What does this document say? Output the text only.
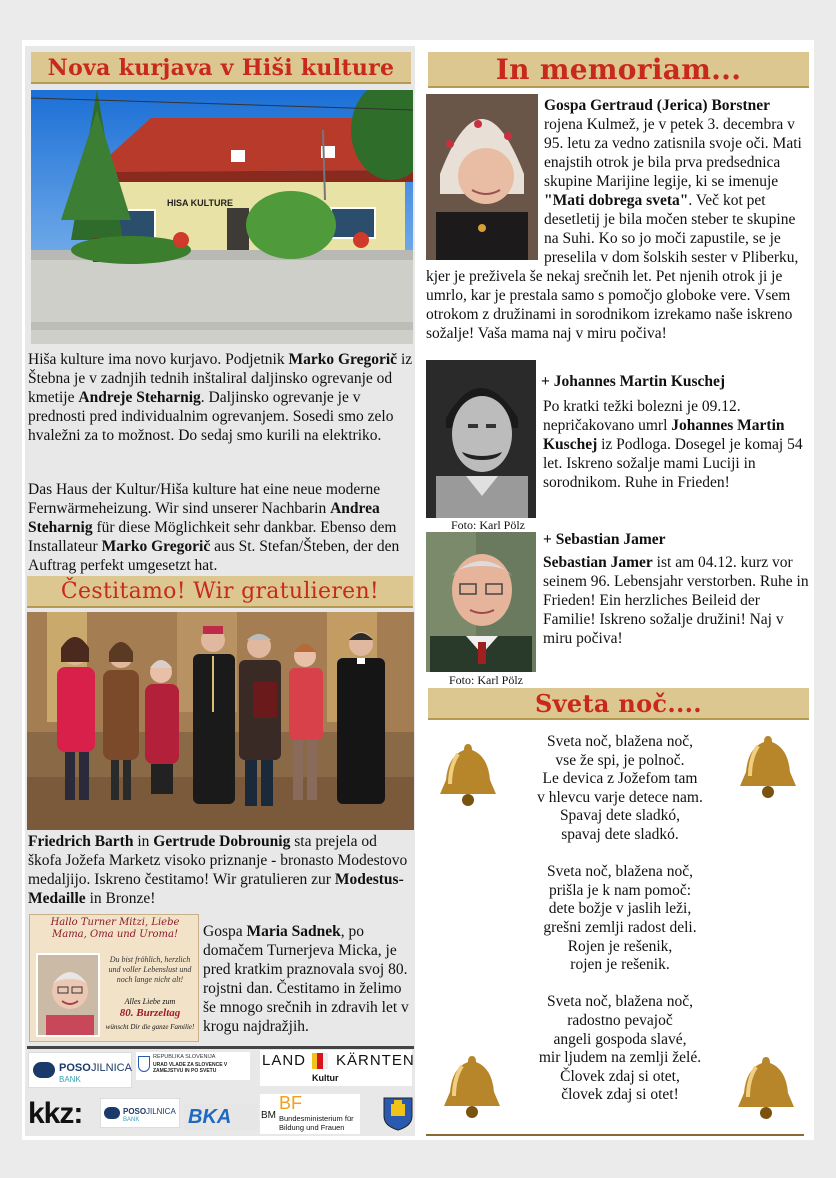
Nova kurjava v Hiši kulture
HISA KULTURE
Hiša kulture ima novo kurjavo. Podjetnik Marko Gregorič iz Štebna je v zadnjih tednih inštaliral daljinsko ogrevanje od kmetije Andreje Steharnig. Daljinsko ogrevanje je v prednosti pred individualnim ogrevanjem. Sosedi smo zelo hvaležni za to možnost. Do sedaj smo kurili na elektriko.
Das Haus der Kultur/Hiša kulture hat eine neue moderne Fernwärmeheizung. Wir sind unserer Nachbarin Andrea Steharnig für diese Möglichkeit sehr dankbar. Ebenso dem Installateur Marko Gregorič aus St. Stefan/Šteben, der den Auftrag perfekt umgesetzt hat.
Čestitamo! Wir gratulieren!
Friedrich Barth in Gertrude Dobrounig sta prejela od škofa Jožefa Marketz visoko priznanje - bronasto Modestovo medaljijo. Iskreno čestitamo! Wir gratulieren zur Modestus-Medaille in Bronze!
Hallo Turner Mitzi, Liebe Mama, Oma und Uroma!
Du bist fröhlich, herzlich und voller Lebenslust und noch lange nicht alt!
Alles Liebe zum
80. Burzeltag
wünscht Dir die ganze Familie!
Gospa Maria Sadnek, po domačem Turnerjeva Micka, je pred kratkim praznovala svoj 80. rojstni dan. Čestitamo in želimo še mnogo srečnih in zdravih let v krogu najdražjih.
POSO JILNICA
BANK
REPUBLIKA SLOVENIJA
URAD VLADE ZA SLOVENCE V ZAMEJSTVU IN PO SVETU
LAND KÄRNTEN
Kultur
kkz:	POSO JILNICA
BANK BKA	BM
BF
Bundesministerium für
Bildung und Frauen
In memoriam...
Gospa Gertraud (Jerica) Borstner rojena Kulmež, je v petek 3. decembra v 95. letu za vedno zatisnila svoje oči. Mati enajstih otrok je bila prva predsednica skupine Marijine legije, ki se imenuje "Mati dobrega sveta". Več kot pet desetletij je bila močen steber te skupine na Suhi. Ko so jo moči zapustile, se je preselila v dom šolskih sester v Pliberku, kjer je preživela še nekaj srečnih let. Pet njenih otrok ji je umrlo, kar je prestala samo s pomočjo globoke vere. Vsem otrokom z družinami in sorodnikom izrekamo naše iskreno sožalje! Vaša mama naj v miru počiva!
+ Johannes Martin Kuschej
Po kratki težki bolezni je 09.12. nepričakovano umrl Johannes Martin Kuschej iz Podloga. Dosegel je komaj 54 let. Iskreno sožalje mami Luciji in sorodnikom. Ruhe in Frieden!
Foto: Karl Pölz
+ Sebastian Jamer
Sebastian Jamer ist am 04.12. kurz vor seinem 96. Lebensjahr verstorben. Ruhe in Frieden! Ein herzliches Beileid der Familie! Iskreno sožalje družini! Naj v miru počiva!
Foto: Karl Pölz
Sveta noč....
Sveta noč, blažena noč,
vse že spi, je polnoč.
Le devica z Jožefom tam
v hlevcu varje detece nam.
Spavaj dete sladkó,
spavaj dete sladkó.

Sveta noč, blažena noč,
prišla je k nam pomoč:
dete božje v jaslih leži,
grešni zemlji radost deli.
Rojen je rešenik,
rojen je rešenik.

Sveta noč, blažena noč,
radostno pevajoč
angeli gospoda slavé,
mir ljudem na zemlji želé.
Človek zdaj si otet,
človek zdaj si otet!
